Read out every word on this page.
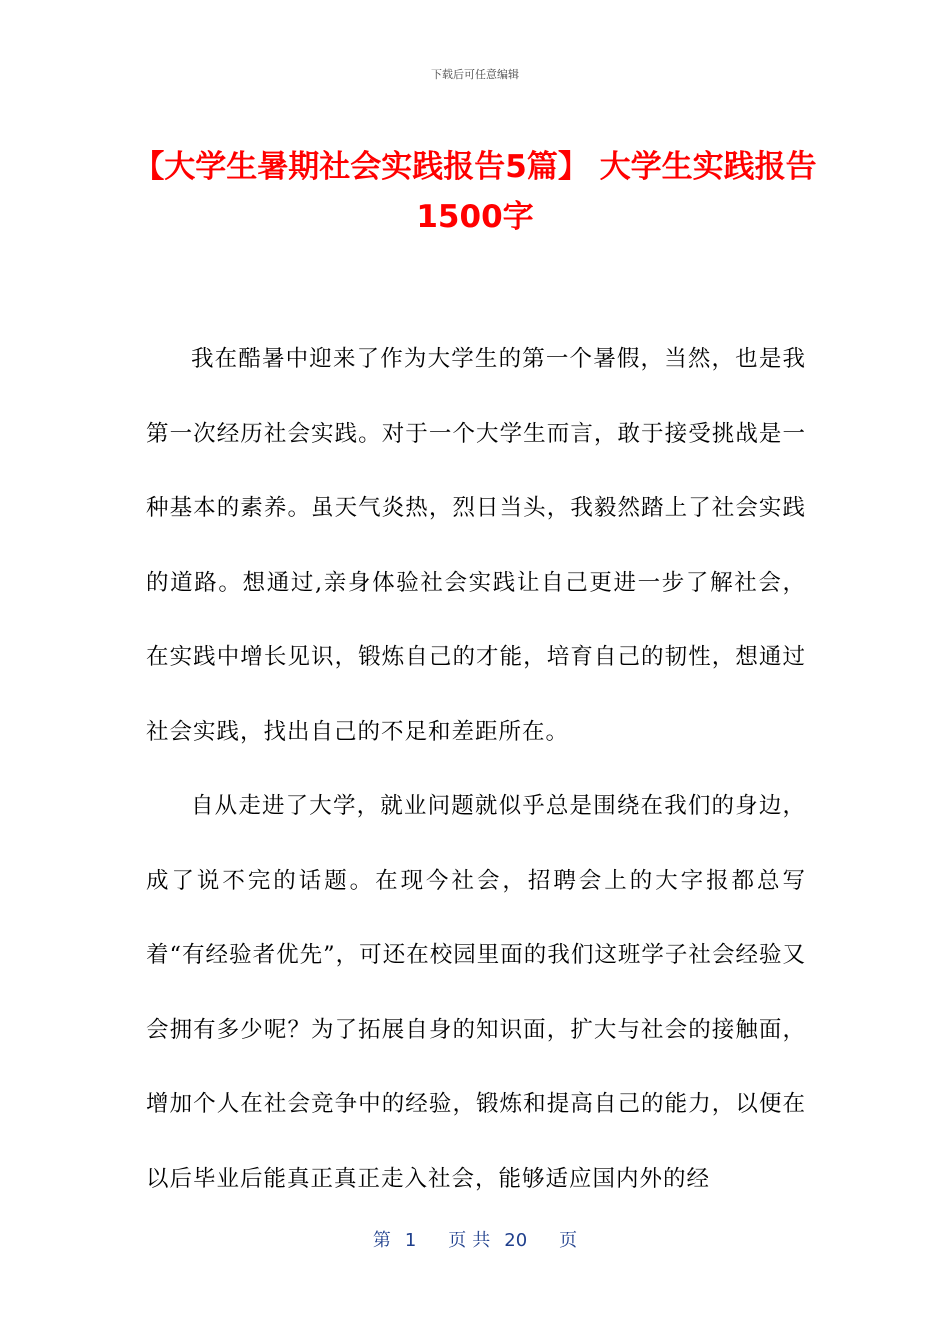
下载后可任意编辑
【大学生暑期社会实践报告5篇】 大学生实践报告1500字

我在酷暑中迎来了作为大学生的第一个暑假，当然，也是我第一次经历社会实践。对于一个大学生而言，敢于接受挑战是一种基本的素养。虽天气炎热，烈日当头，我毅然踏上了社会实践的道路。想通过,亲身体验社会实践让自己更进一步了解社会，在实践中增长见识，锻炼自己的才能，培育自己的韧性，想通过社会实践，找出自己的不足和差距所在。

自从走进了大学，就业问题就似乎总是围绕在我们的身边，成了说不完的话题。在现今社会，招聘会上的大字报都总写着“有经验者优先”，可还在校园里面的我们这班学子社会经验又会拥有多少呢？为了拓展自身的知识面，扩大与社会的接触面，增加个人在社会竞争中的经验，锻炼和提高自己的能力，以便在以后毕业后能真正真正走入社会，能够适应国内外的经

第 1 页 共 20 页
